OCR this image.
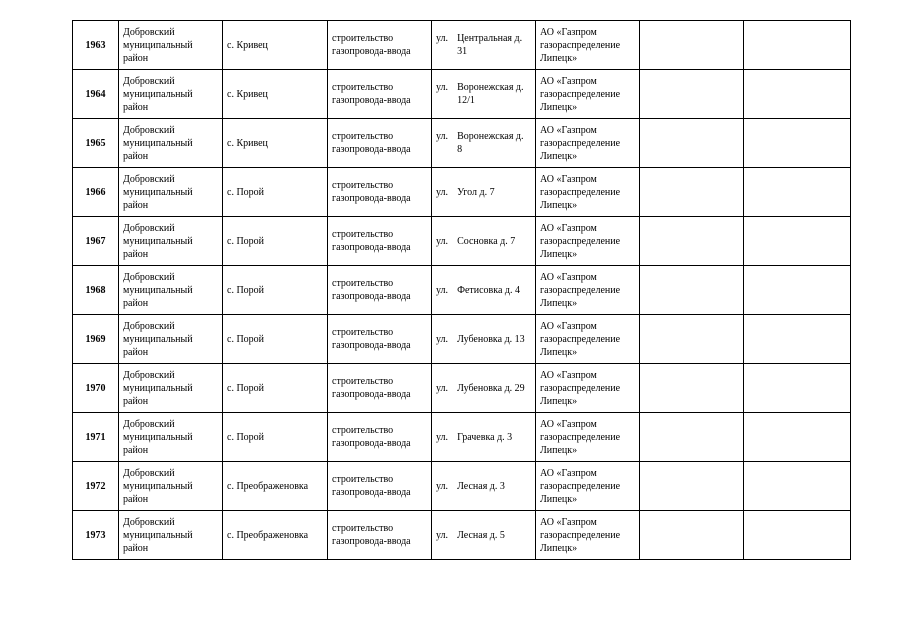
1963	Добровский муниципальный район	с. Кривец	строительство газопровода-ввода	ул. Центральная д. 31	АО «Газпром газораспределение Липецк»		

1964	Добровский муниципальный район	с. Кривец	строительство газопровода-ввода	ул. Воронежская д. 12/1	АО «Газпром газораспределение Липецк»		

1965	Добровский муниципальный район	с. Кривец	строительство газопровода-ввода	ул. Воронежская д. 8	АО «Газпром газораспределение Липецк»		

1966	Добровский муниципальный район	с. Порой	строительство газопровода-ввода	ул. Угол д. 7	АО «Газпром газораспределение Липецк»		

1967	Добровский муниципальный район	с. Порой	строительство газопровода-ввода	ул. Сосновка д. 7	АО «Газпром газораспределение Липецк»		

1968	Добровский муниципальный район	с. Порой	строительство газопровода-ввода	ул. Фетисовка д. 4	АО «Газпром газораспределение Липецк»		

1969	Добровский муниципальный район	с. Порой	строительство газопровода-ввода	ул. Лубеновка д. 13	АО «Газпром газораспределение Липецк»		

1970	Добровский муниципальный район	с. Порой	строительство газопровода-ввода	ул. Лубеновка д. 29	АО «Газпром газораспределение Липецк»		

1971	Добровский муниципальный район	с. Порой	строительство газопровода-ввода	ул. Грачевка д. 3	АО «Газпром газораспределение Липецк»		

1972	Добровский муниципальный район	с. Преображеновка	строительство газопровода-ввода	ул. Лесная д. 3	АО «Газпром газораспределение Липецк»		

1973	Добровский муниципальный район	с. Преображеновка	строительство газопровода-ввода	ул. Лесная д. 5	АО «Газпром газораспределение Липецк»		
